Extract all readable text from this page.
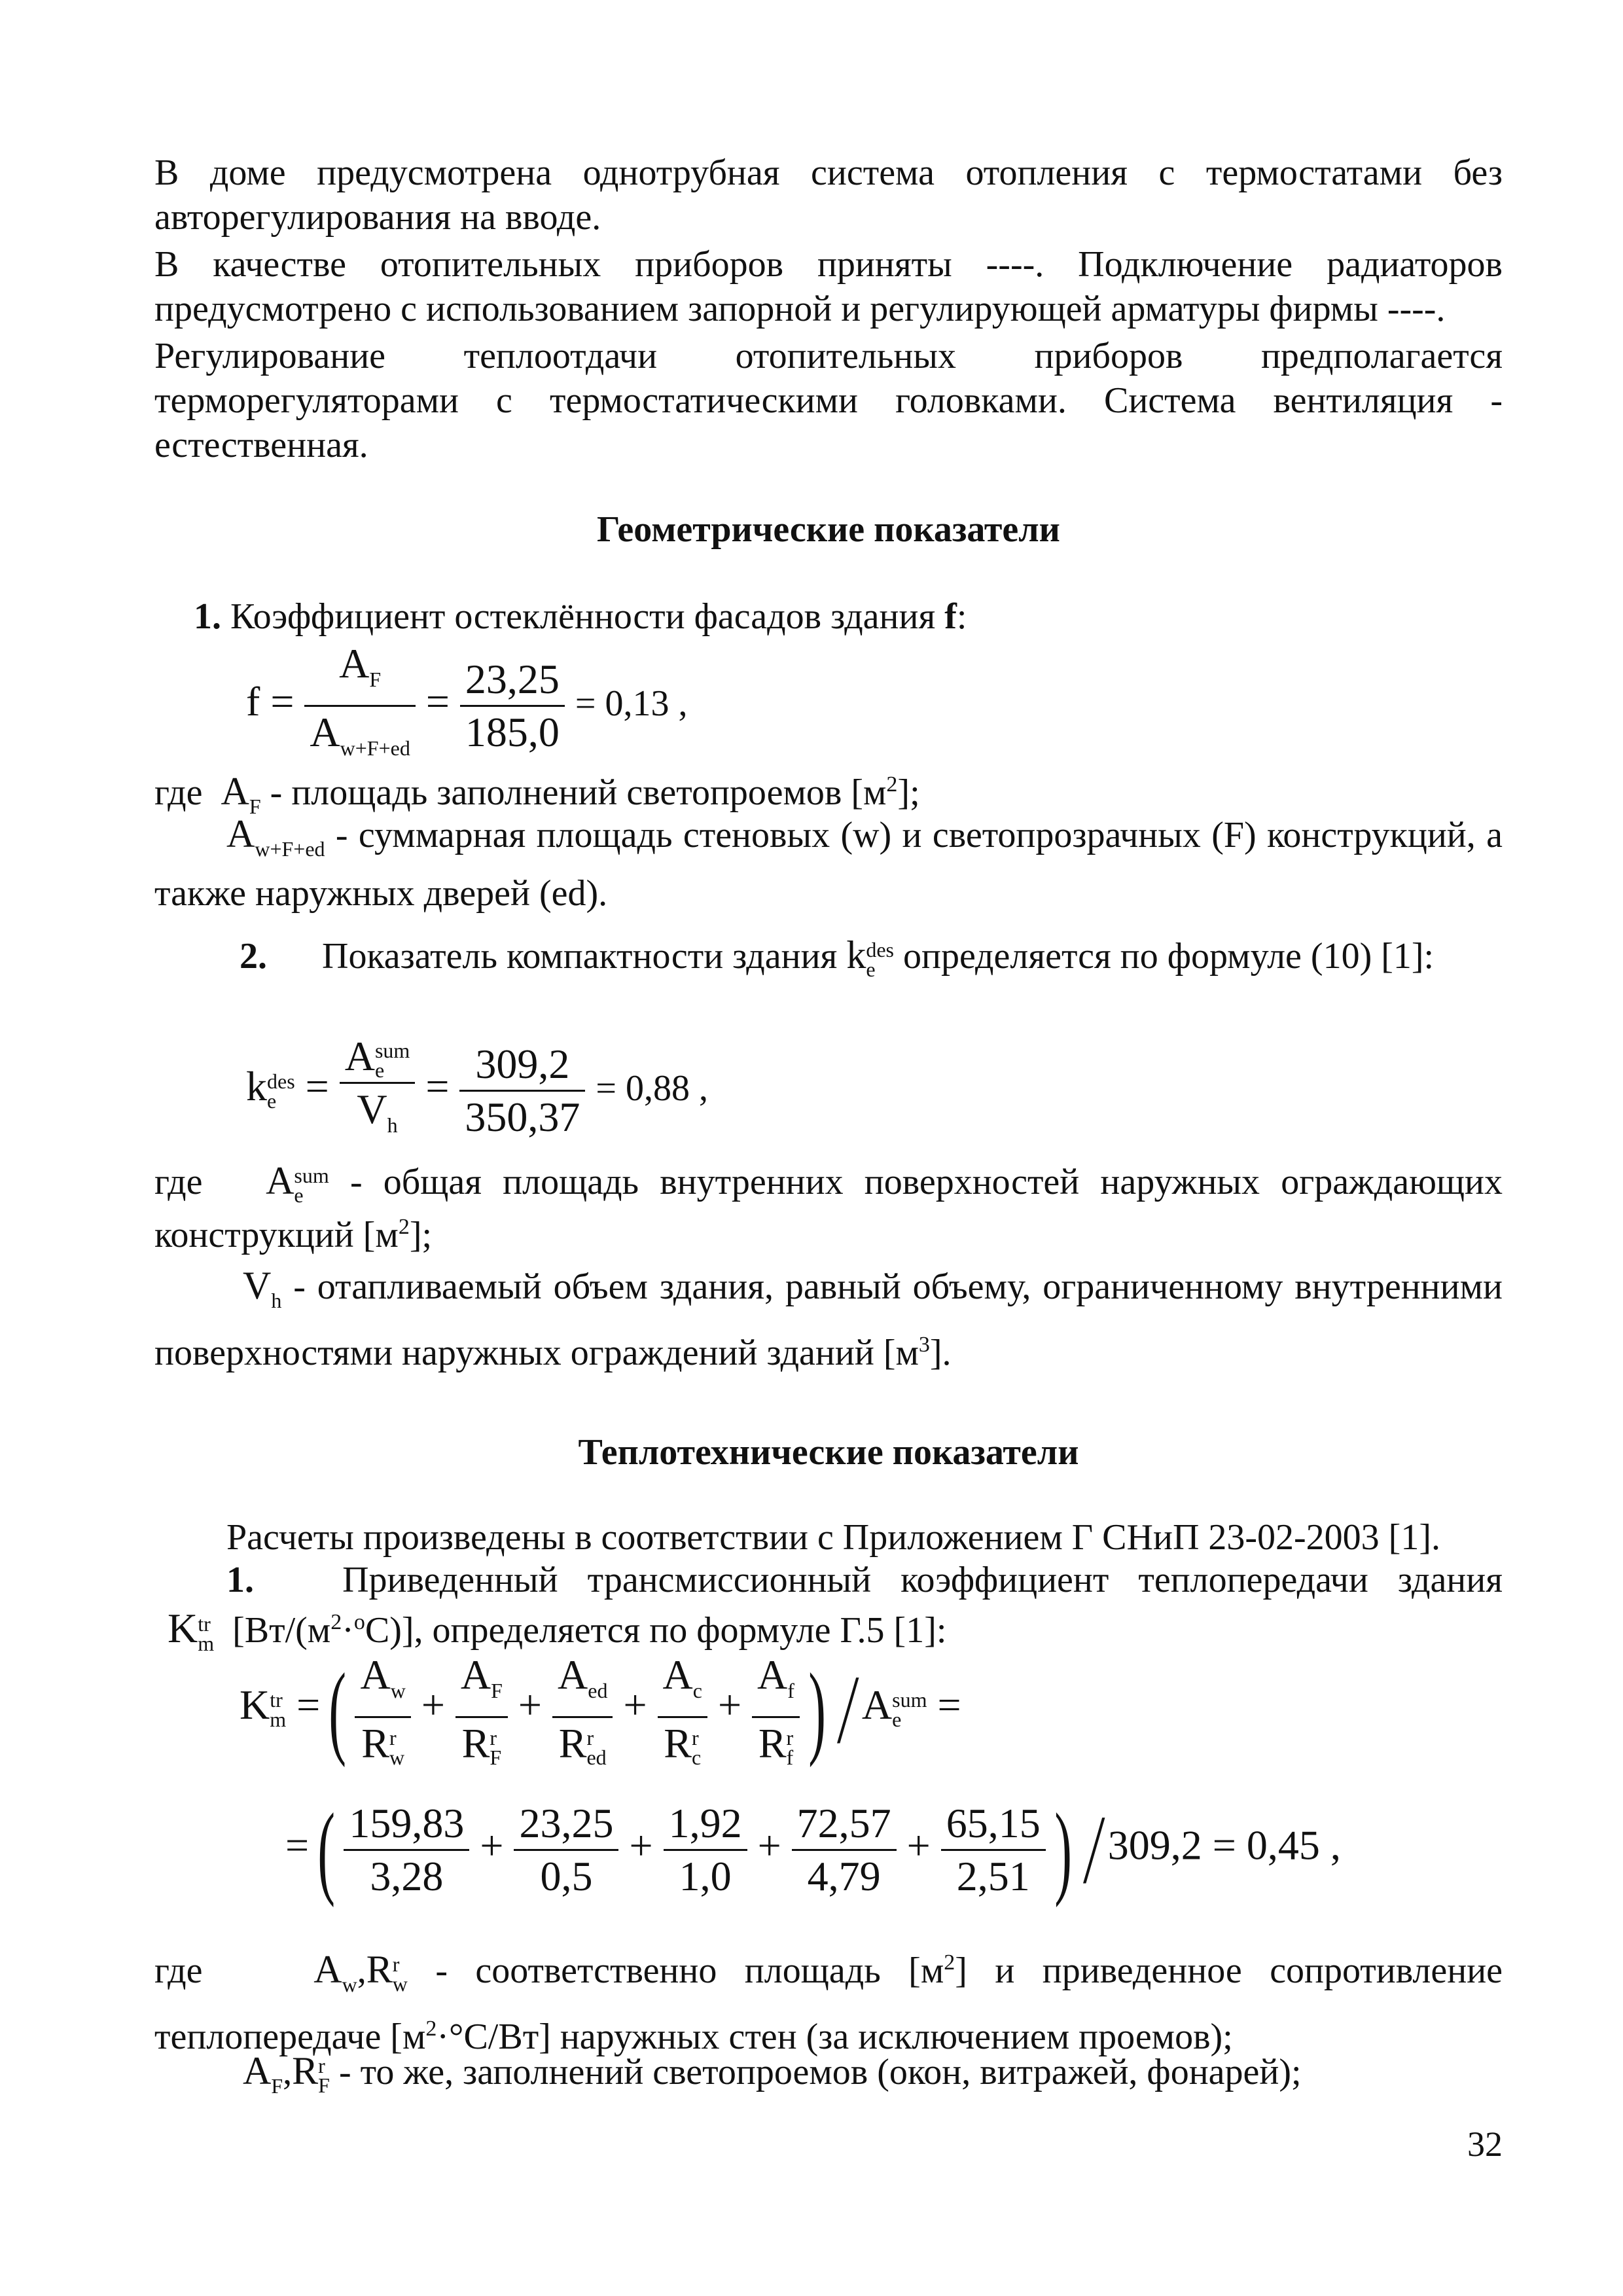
В доме предусмотрена однотрубная система отопления с термостатами без авторегулирования на вводе.

В качестве отопительных приборов приняты ----. Подключение радиаторов предусмотрено с использованием запорной и регулирующей арматуры фирмы ----.

Регулирование теплоотдачи отопительных приборов предполагается терморегуляторами с термостатическими головками. Система вентиляция - естественная.

Геометрические показатели
1. Коэффициент остеклённости фасадов здания f:
$f = \frac{A_F}{A_{w+F+ed}} = \frac{23,25}{185,0} = 0,13$ ,
где $A_F$ - площадь заполнений светопроемов $[м^2]$;

$A_{w+F+ed}$ - суммарная площадь стеновых (w) и светопрозрачных (F) конструкций, а также наружных дверей (ed).

2. Показатель компактности здания k des
e определяется по формуле (10) [1]:

k des
e = A sum
e
$V_h = \frac{309,2}{350,37} = 0,88$ ,

где A sum
e - общая площадь внутренних поверхностей наружных ограждающих конструкций $[м^2]$;

$V_h$ - отапливаемый объем здания, равный объему, ограниченному внутренними поверхностями наружных ограждений зданий $[м^3]$.

Теплотехнические показатели

Расчеты произведены в соответствии с Приложением Г СНиП 23-02-2003 [1].

1. Приведенный трансмиссионный коэффициент теплопередачи здания

K tr
m $[Вт/(м^2\cdot^oС)]$, определяется по формуле Г.5 [1]:
K tr
m =( $A_w$
R r
$w + A_F$
R r
$F + A_{ed}$
R r
ed + $A_c$
R r
$c + A_f$
R r
f )/A sum
e =
=( $\frac{159,83}{3,28} + \frac{23,25}{0,5} + \frac{1,92}{1,0} + \frac{72,57}{4,79} + \frac{65,15}{2,51} )/309,2 = 0,45$ ,

где	$A_w,R$ r
w - соответственно площадь $[м^2]$ и приведенное сопротивление теплопередаче $[м^2\cdot^\circ С/Вт]$ наружных стен (за исключением проемов);

$A_F,R$ r
F - то же, заполнений светопроемов (окон, витражей, фонарей);
32
